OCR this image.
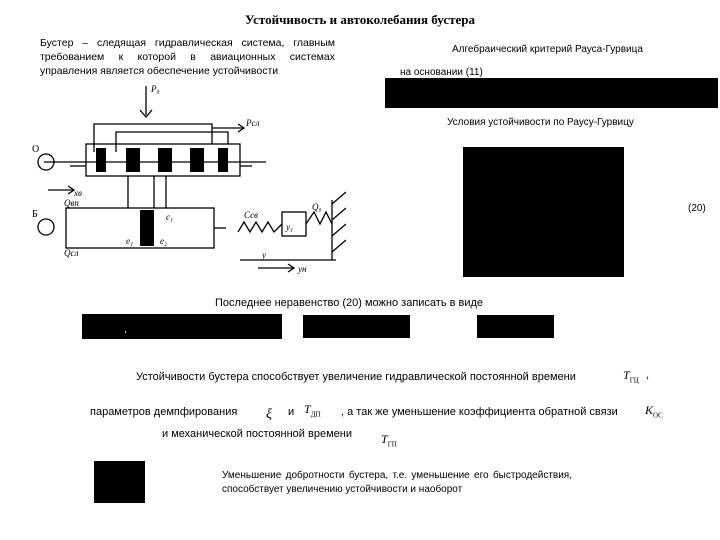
Устойчивость и автоколебания бустера
Бустер – следящая гидравлическая система, главным требованием к которой в авиационных системах управления является обеспечение устойчивости
Алгебраический критерий Рауса-Гурвица
на основании (11)
Условия устойчивости по Раусу-Гурвицу
(20)
Последнее неравенство (20) можно записать в виде
,
Устойчивости бустера способствует увеличение гидравлической постоянной времени	$T_{ГЦ}$ ,
параметров демпфирования ξ и $T_{ДП}$ , а так же уменьшение коэффициента обратной связи $K_{ОС}$
и механической постоянной времени $T_{ГП}$
Уменьшение добротности бустера, т.е. уменьшение его быстродействия, способствует увеличению устойчивости и наоборот
P₀
Pсл
О
xв
Б
Qвп
Qсл
c₁
e₁	e₂
Ссв
y₁
Q₀
y
yн
